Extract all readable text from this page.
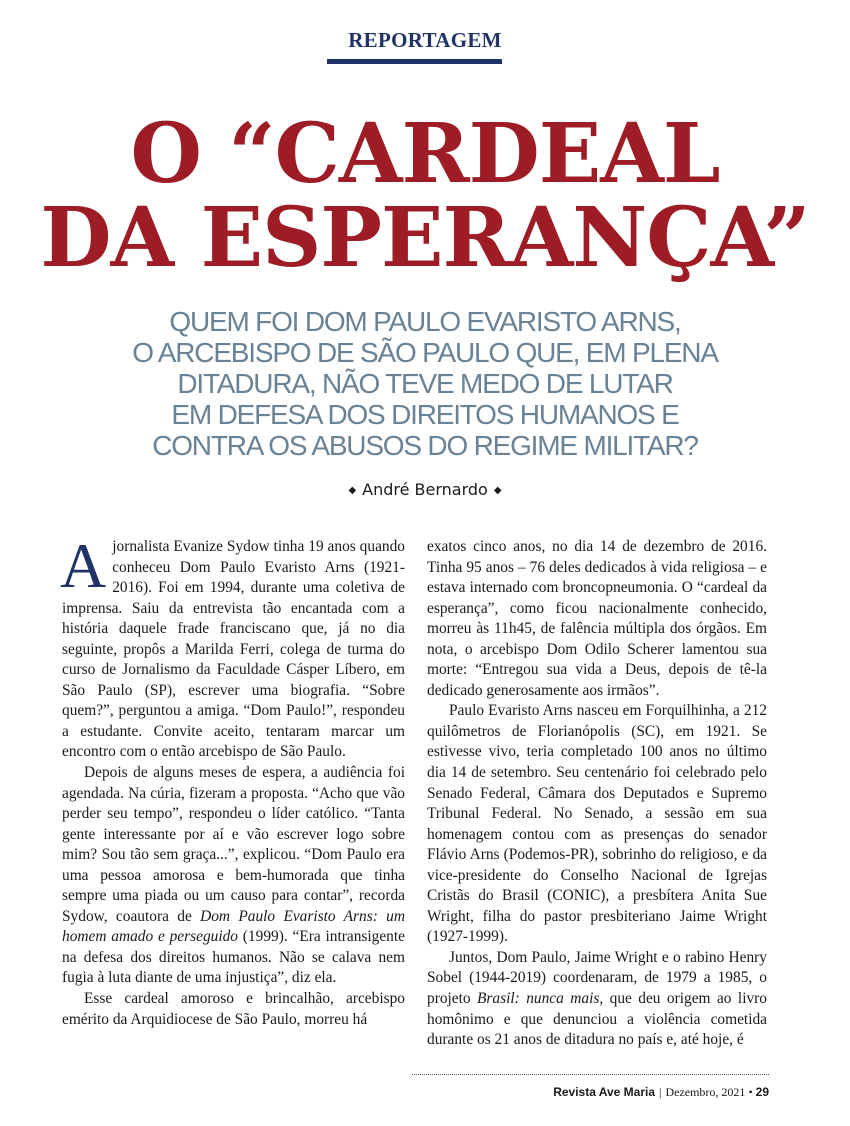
REPORTAGEM
O “CARDEAL
DA ESPERANÇA”
QUEM FOI DOM PAULO EVARISTO ARNS,
O ARCEBISPO DE SÃO PAULO QUE, EM PLENA
DITADURA, NÃO TEVE MEDO DE LUTAR
EM DEFESA DOS DIREITOS HUMANOS E
CONTRA OS ABUSOS DO REGIME MILITAR?
◆ André Bernardo ◆

Ajornalista Evanize Sydow tinha 19 anos quando conheceu Dom Paulo Evaristo Arns (1921-2016). Foi em 1994, durante uma coletiva de imprensa. Saiu da entrevista tão encantada com a história daquele frade franciscano que, já no dia seguinte, propôs a Marilda Ferri, colega de turma do curso de Jornalismo da Faculdade Cásper Líbero, em São Paulo (SP), escrever uma biografia. “Sobre quem?”, perguntou a amiga. “Dom Paulo!”, respondeu a estudante. Convite aceito, tentaram marcar um encontro com o então arcebispo de São Paulo.

Depois de alguns meses de espera, a audiência foi agendada. Na cúria, fizeram a proposta. “Acho que vão perder seu tempo”, respondeu o líder católico. “Tanta gente interessante por aí e vão escrever logo sobre mim? Sou tão sem graça...”, explicou. “Dom Paulo era uma pessoa amorosa e bem-humorada que tinha sempre uma piada ou um causo para contar”, recorda Sydow, coautora de Dom Paulo Evaristo Arns: um homem amado e perseguido (1999). “Era intransigente na defesa dos direitos humanos. Não se calava nem fugia à luta diante de uma injustiça”, diz ela.

Esse cardeal amoroso e brincalhão, arcebispo emérito da Arquidiocese de São Paulo, morreu há

exatos cinco anos, no dia 14 de dezembro de 2016. Tinha 95 anos – 76 deles dedicados à vida religiosa – e estava internado com broncopneumonia. O “cardeal da esperança”, como ficou nacionalmente conhecido, morreu às 11h45, de falência múltipla dos órgãos. Em nota, o arcebispo Dom Odilo Scherer lamentou sua morte: “Entregou sua vida a Deus, depois de tê-la dedicado generosamente aos irmãos”.

Paulo Evaristo Arns nasceu em Forquilhinha, a 212 quilômetros de Florianópolis (SC), em 1921. Se estivesse vivo, teria completado 100 anos no último dia 14 de setembro. Seu centenário foi celebrado pelo Senado Federal, Câmara dos Deputados e Supremo Tribunal Federal. No Senado, a sessão em sua homenagem contou com as presenças do senador Flávio Arns (Podemos-PR), sobrinho do religioso, e da vice-presidente do Conselho Nacional de Igrejas Cristãs do Brasil (CONIC), a presbítera Anita Sue Wright, filha do pastor presbiteriano Jaime Wright (1927-1999).

Juntos, Dom Paulo, Jaime Wright e o rabino Henry Sobel (1944-2019) coordenaram, de 1979 a 1985, o projeto Brasil: nunca mais, que deu origem ao livro homônimo e que denunciou a violência cometida durante os 21 anos de ditadura no país e, até hoje, é

Revista Ave Maria | Dezembro, 2021 • 29
